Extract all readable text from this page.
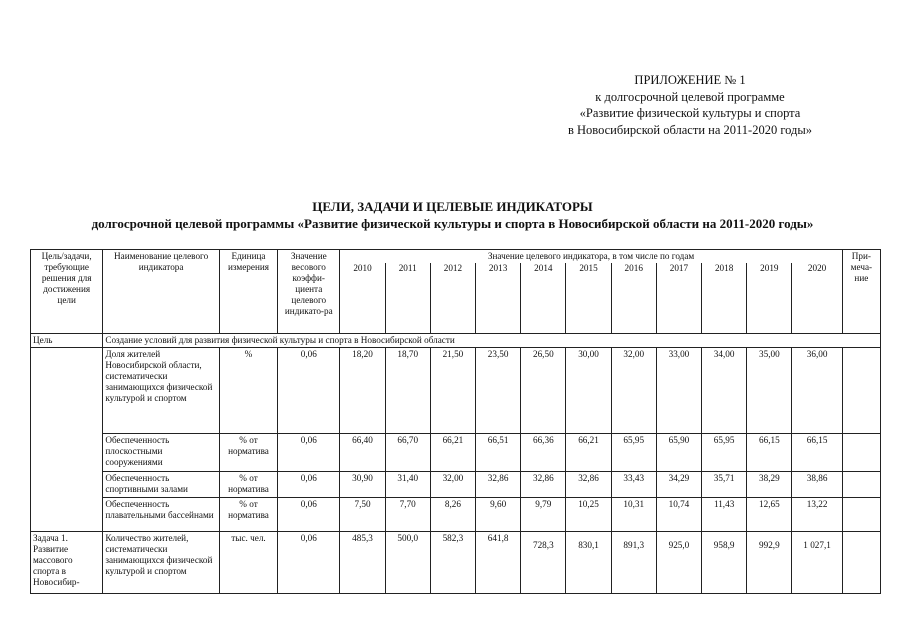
ПРИЛОЖЕНИЕ № 1
к долгосрочной целевой программе
«Развитие физической культуры и спорта
в Новосибирской области на 2011-2020 годы»
ЦЕЛИ, ЗАДАЧИ И ЦЕЛЕВЫЕ ИНДИКАТОРЫ
долгосрочной целевой программы «Развитие физической культуры и спорта в Новосибирской области на 2011-2020 годы»
Цель/задачи, требующие решения для достижения цели	Наименование целевого индикатора	Единица измерения	Значение весового коэффи-циента целевого индикато-ра	Значение целевого индикатора, в том числе по годам											При-меча-ние
				2010	2011	2012	2013	2014	2015	2016	2017	2018	2019	2020	
Цель	Создание условий для развития физической культуры и спорта в Новосибирской области														
	Доля жителей Новосибирской области, систематически занимающихся физической культурой и спортом	%	0,06	18,20	18,70	21,50	23,50	26,50	30,00	32,00	33,00	34,00	35,00	36,00	
	Обеспеченность плоскостными сооружениями	% от норматива	0,06	66,40	66,70	66,21	66,51	66,36	66,21	65,95	65,90	65,95	66,15	66,15	
	Обеспеченность спортивными залами	% от норматива	0,06	30,90	31,40	32,00	32,86	32,86	32,86	33,43	34,29	35,71	38,29	38,86	
	Обеспеченность плавательными бассейнами	% от норматива	0,06	7,50	7,70	8,26	9,60	9,79	10,25	10,31	10,74	11,43	12,65	13,22	
Задача 1. Развитие массового спорта в Новосибир-	Количество жителей, систематически занимающихся физической культурой и спортом	тыс. чел.	0,06	485,3	500,0	582,3	641,8	728,3	830,1	891,3	925,0	958,9	992,9	1 027,1	
